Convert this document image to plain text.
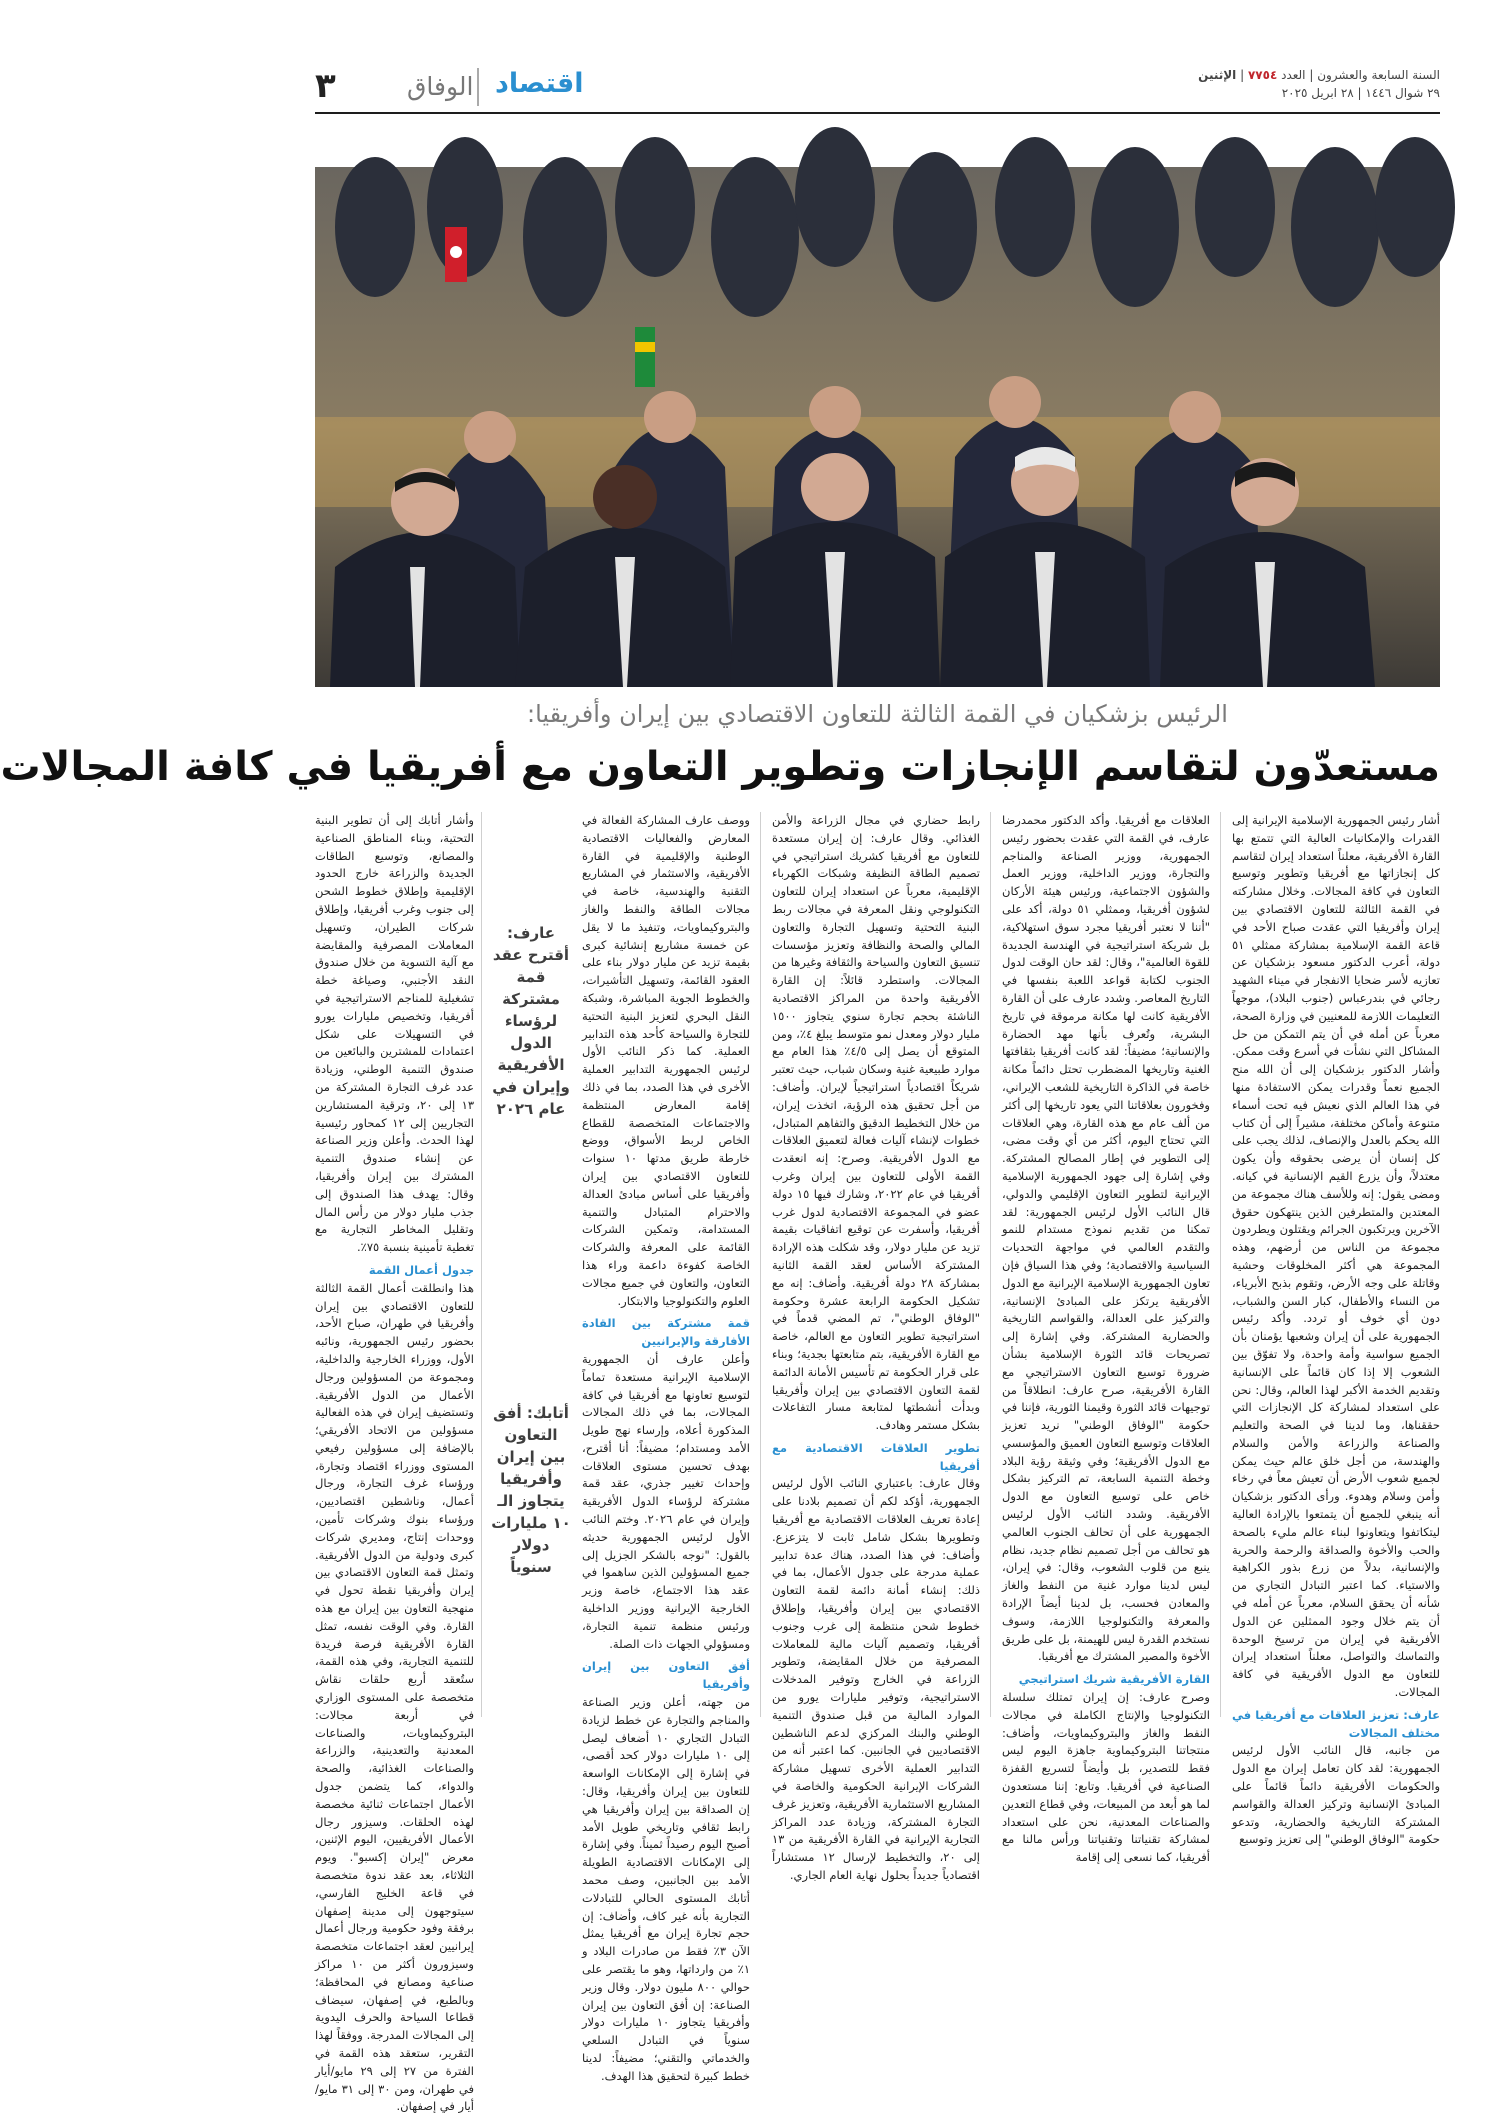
السنة السابعة والعشرون | العدد ٧٧٥٤ | الإثنين
٢٩ شوال ١٤٤٦ | ٢٨ ابريل ٢٠٢٥
اقتصاد
الوفاق
٣
الرئيس بزشكيان في القمة الثالثة للتعاون الاقتصادي بين إيران وأفريقيا:
مستعدّون لتقاسم الإنجازات وتطوير التعاون مع أفريقيا في كافة المجالات

أشار رئيس الجمهورية الإسلامية الإيرانية إلى القدرات والإمكانيات العالية التي تتمتع بها القارة الأفريقية، معلناً استعداد إيران لتقاسم كل إنجازاتها مع أفريقيا وتطوير وتوسيع التعاون في كافة المجالات. وخلال مشاركته في القمة الثالثة للتعاون الاقتصادي بين إيران وأفريقيا التي عقدت صباح الأحد في قاعة القمة الإسلامية بمشاركة ممثلي ٥١ دولة، أعرب الدكتور مسعود بزشكيان عن تعازيه لأسر ضحايا الانفجار في ميناء الشهيد رجائي في بندرعباس (جنوب البلاد)، موجهاً التعليمات اللازمة للمعنيين في وزارة الصحة، معرباً عن أمله في أن يتم التمكن من حل المشاكل التي نشأت في أسرع وقت ممكن. وأشار الدكتور بزشكيان إلى أن الله منح الجميع نعماً وقدرات يمكن الاستفادة منها في هذا العالم الذي نعيش فيه تحت أسماء متنوعة وأماكن مختلفة، مشيراً إلى أن كتاب الله يحكم بالعدل والإنصاف، لذلك يجب على كل إنسان أن يرضى بحقوقه وأن يكون معتدلاً، وأن يزرع القيم الإنسانية في كيانه. ومضى يقول: إنه وللأسف هناك مجموعة من المعتدين والمتطرفين الذين ينتهكون حقوق الآخرين ويرتكبون الجرائم ويقتلون ويطردون مجموعة من الناس من أرضهم، وهذه المجموعة هي أكثر المخلوقات وحشية وقاتلة على وجه الأرض، وتقوم بذبح الأبرياء، من النساء والأطفال، كبار السن والشباب، دون أي خوف أو تردد. وأكد رئيس الجمهورية على أن إيران وشعبها يؤمنان بأن الجميع سواسية وأمة واحدة، ولا تفوّق بين الشعوب إلا إذا كان قائماً على الإنسانية وتقديم الخدمة الأكبر لهذا العالم، وقال: نحن على استعداد لمشاركة كل الإنجازات التي حققناها، وما لدينا في الصحة والتعليم والصناعة والزراعة والأمن والسلام والهندسة، من أجل خلق عالم حيث يمكن لجميع شعوب الأرض أن تعيش معاً في رخاء وأمن وسلام وهدوء. ورأى الدكتور بزشكيان أنه ينبغي للجميع أن يتمتعوا بالإرادة العالية ليتكاتفوا ويتعاونوا لبناء عالم مليء بالصحة والحب والأخوة والصداقة والرحمة والحرية والإنسانية، بدلاً من زرع بذور الكراهية والاستياء. كما اعتبر التبادل التجاري من شأنه أن يحقق السلام، معرباً عن أمله في أن يتم خلال وجود الممثلين عن الدول الأفريقية في إيران من ترسيخ الوحدة والتماسك والتواصل، معلناً استعداد إيران للتعاون مع الدول الأفريقية في كافة المجالات.

عارف: تعزيز العلاقات مع أفريقيا في مختلف المجالات

من جانبه، قال النائب الأول لرئيس الجمهورية: لقد كان تعامل إيران مع الدول والحكومات الأفريقية دائماً قائماً على المبادئ الإنسانية وتركيز العدالة والقواسم المشتركة التاريخية والحضارية، وتدعو حكومة "الوفاق الوطني" إلى تعزيز وتوسيع

العلاقات مع أفريقيا. وأكد الدكتور محمدرضا عارف، في القمة التي عقدت بحضور رئيس الجمهورية، ووزير الصناعة والمناجم والتجارة، ووزير الداخلية، ووزير العمل والشؤون الاجتماعية، ورئيس هيئة الأركان لشؤون أفريقيا، وممثلي ٥١ دولة، أكد على "أننا لا نعتبر أفريقيا مجرد سوق استهلاكية، بل شريكة استراتيجية في الهندسة الجديدة للقوة العالمية"، وقال: لقد حان الوقت لدول الجنوب لكتابة قواعد اللعبة بنفسها في التاريخ المعاصر. وشدد عارف على أن القارة الأفريقية كانت لها مكانة مرموقة في تاريخ البشرية، وتُعرف بأنها مهد الحضارة والإنسانية؛ مضيفاً: لقد كانت أفريقيا بثقافتها الغنية وتاريخها المضطرب تحتل دائماً مكانة خاصة في الذاكرة التاريخية للشعب الإيراني، وفخورون بعلاقاتنا التي يعود تاريخها إلى أكثر من ألف عام مع هذه القارة، وهي العلاقات التي تحتاج اليوم، أكثر من أي وقت مضى، إلى التطوير في إطار المصالح المشتركة. وفي إشارة إلى جهود الجمهورية الإسلامية الإيرانية لتطوير التعاون الإقليمي والدولي، قال النائب الأول لرئيس الجمهورية: لقد تمكنا من تقديم نموذج مستدام للنمو والتقدم العالمي في مواجهة التحديات السياسية والاقتصادية؛ وفي هذا السياق فإن تعاون الجمهورية الإسلامية الإيرانية مع الدول الأفريقية يرتكز على المبادئ الإنسانية، والتركيز على العدالة، والقواسم التاريخية والحضارية المشتركة. وفي إشارة إلى تصريحات قائد الثورة الإسلامية بشأن ضرورة توسيع التعاون الاستراتيجي مع القارة الأفريقية، صرح عارف: انطلاقاً من توجيهات قائد الثورة وقيمنا الثورية، فإننا في حكومة "الوفاق الوطني" نريد تعزيز العلاقات وتوسيع التعاون العميق والمؤسسي مع الدول الأفريقية؛ وفي وثيقة رؤية البلاد وخطة التنمية السابعة، تم التركيز بشكل خاص على توسيع التعاون مع الدول الأفريقية. وشدد النائب الأول لرئيس الجمهورية على أن تحالف الجنوب العالمي هو تحالف من أجل تصميم نظام جديد، نظام ينبع من قلوب الشعوب، وقال: في إيران، ليس لدينا موارد غنية من النفط والغاز والمعادن فحسب، بل لدينا أيضاً الإرادة والمعرفة والتكنولوجيا اللازمة، وسوف نستخدم القدرة ليس للهيمنة، بل على طريق الأخوة والمصير المشترك مع أفريقيا.

القارة الأفريقية شريك استراتيجي

وصرح عارف: إن إيران تمتلك سلسلة التكنولوجيا والإنتاج الكاملة في مجالات النفط والغاز والبتروكيماويات، وأضاف: منتجاتنا البتروكيماوية جاهزة اليوم ليس فقط للتصدير، بل وأيضاً لتسريع القفزة الصناعية في أفريقيا. وتابع: إننا مستعدون لما هو أبعد من المبيعات، وفي قطاع التعدين والصناعات المعدنية، نحن على استعداد لمشاركة تقنياتنا وتقنياتنا ورأس مالنا مع أفريقيا، كما نسعى إلى إقامة

رابط حضاري في مجال الزراعة والأمن الغذائي. وقال عارف: إن إيران مستعدة للتعاون مع أفريقيا كشريك استراتيجي في تصميم الطاقة النظيفة وشبكات الكهرباء الإقليمية، معرباً عن استعداد إيران للتعاون التكنولوجي ونقل المعرفة في مجالات ربط البنية التحتية وتسهيل التجارة والتعاون المالي والصحة والنظافة وتعزيز مؤسسات تنسيق التعاون والسياحة والثقافة وغيرها من المجالات. واستطرد قائلاً: إن القارة الأفريقية واحدة من المراكز الاقتصادية الناشئة بحجم تجارة سنوي يتجاوز ١٥٠٠ مليار دولار ومعدل نمو متوسط يبلغ ٤٪، ومن المتوقع أن يصل إلى ٤/٥٪ هذا العام مع موارد طبيعية غنية وسكان شباب، حيث تعتبر شريكاً اقتصادياً استراتيجياً لإيران. وأضاف: من أجل تحقيق هذه الرؤية، اتخذت إيران، من خلال التخطيط الدقيق والتفاهم المتبادل، خطوات لإنشاء آليات فعالة لتعميق العلاقات مع الدول الأفريقية. وصرح: إنه انعقدت القمة الأولى للتعاون بين إيران وغرب أفريقيا في عام ٢٠٢٢، وشارك فيها ١٥ دولة عضو في المجموعة الاقتصادية لدول غرب أفريقيا، وأسفرت عن توقيع اتفاقيات بقيمة تزيد عن مليار دولار، وقد شكلت هذه الإرادة المشتركة الأساس لعقد القمة الثانية بمشاركة ٢٨ دولة أفريقية. وأضاف: إنه مع تشكيل الحكومة الرابعة عشرة وحكومة "الوفاق الوطني"، تم المضي قدماً في استراتيجية تطوير التعاون مع العالم، خاصة مع القارة الأفريقية، بتم متابعتها بجدية؛ وبناء على قرار الحكومة تم تأسيس الأمانة الدائمة لقمة التعاون الاقتصادي بين إيران وأفريقيا وبدأت أنشطتها لمتابعة مسار التفاعلات بشكل مستمر وهادف.

تطوير العلاقات الاقتصادية مع أفريقيا

وقال عارف: باعتباري النائب الأول لرئيس الجمهورية، أؤكد لكم أن تصميم بلادنا على إعادة تعريف العلاقات الاقتصادية مع أفريقيا وتطويرها بشكل شامل ثابت لا يتزعزع. وأضاف: في هذا الصدد، هناك عدة تدابير عملية مدرجة على جدول الأعمال، بما في ذلك: إنشاء أمانة دائمة لقمة التعاون الاقتصادي بين إيران وأفريقيا، وإطلاق خطوط شحن منتظمة إلى غرب وجنوب أفريقيا، وتصميم آليات مالية للمعاملات المصرفية من خلال المقايضة، وتطوير الزراعة في الخارج وتوفير المدخلات الاستراتيجية، وتوفير مليارات يورو من الموارد المالية من قبل صندوق التنمية الوطني والبنك المركزي لدعم الناشطين الاقتصاديين في الجانبين. كما اعتبر أنه من التدابير العملية الأخرى تسهيل مشاركة الشركات الإيرانية الحكومية والخاصة في المشاريع الاستثمارية الأفريقية، وتعزيز غرف التجارة المشتركة، وزيادة عدد المراكز التجارية الإيرانية في القارة الأفريقية من ١٣ إلى ٢٠، والتخطيط لإرسال ١٢ مستشاراً اقتصادياً جديداً بحلول نهاية العام الجاري.

ووصف عارف المشاركة الفعالة في المعارض والفعاليات الاقتصادية الوطنية والإقليمية في القارة الأفريقية، والاستثمار في المشاريع التقنية والهندسية، خاصة في مجالات الطاقة والنفط والغاز والبتروكيماويات، وتنفيذ ما لا يقل عن خمسة مشاريع إنشائية كبرى بقيمة تزيد عن مليار دولار بناء على العقود القائمة، وتسهيل التأشيرات، والخطوط الجوية المباشرة، وشبكة النقل البحري لتعزيز البنية التحتية للتجارة والسياحة كأحد هذه التدابير العملية. كما ذكر النائب الأول لرئيس الجمهورية التدابير العملية الأخرى في هذا الصدد، بما في ذلك إقامة المعارض المنتظمة والاجتماعات المتخصصة للقطاع الخاص لربط الأسواق، ووضع خارطة طريق مدتها ١٠ سنوات للتعاون الاقتصادي بين إيران وأفريقيا على أساس مبادئ العدالة والاحترام المتبادل والتنمية المستدامة، وتمكين الشركات القائمة على المعرفة والشركات الخاصة كفوءة داعمة وراء هذا التعاون، والتعاون في جميع مجالات العلوم والتكنولوجيا والابتكار.

قمة مشتركة بين القادة الأفارقة والإيرانيين

وأعلن عارف أن الجمهورية الإسلامية الإيرانية مستعدة تماماً لتوسيع تعاونها مع أفريقيا في كافة المجالات، بما في ذلك المجالات المذكورة أعلاه، وإرساء نهج طويل الأمد ومستدام؛ مضيفاً: أنا أقترح، بهدف تحسين مستوى العلاقات وإحداث تغيير جذري، عقد قمة مشتركة لرؤساء الدول الأفريقية وإيران في عام ٢٠٢٦. وختم النائب الأول لرئيس الجمهورية حديثه بالقول: "نوجه بالشكر الجزيل إلى جميع المسؤولين الذين ساهموا في عقد هذا الاجتماع، خاصة وزير الخارجية الإيرانية ووزير الداخلية ورئيس منظمة تنمية التجارة، ومسؤولي الجهات ذات الصلة.

أفق التعاون بين إيران وأفريقيا

من جهته، أعلن وزير الصناعة والمناجم والتجارة عن خطط لزيادة التبادل التجاري ١٠ أضعاف ليصل إلى ١٠ مليارات دولار كحد أقصى، في إشارة إلى الإمكانات الواسعة للتعاون بين إيران وأفريقيا، وقال: إن الصداقة بين إيران وأفريقيا هي رابط ثقافي وتاريخي طويل الأمد أصبح اليوم رصيداً ثميناً. وفي إشارة إلى الإمكانات الاقتصادية الطويلة الأمد بين الجانبين، وصف محمد أتابك المستوى الحالي للتبادلات التجارية بأنه غير كاف، وأضاف: إن حجم تجارة إيران مع أفريقيا يمثل الآن ٣٪ فقط من صادرات البلاد و ١٪ من وارداتها، وهو ما يقتصر على حوالي ٨٠٠ مليون دولار. وقال وزير الصناعة: إن أفق التعاون بين إيران وأفريقيا يتجاوز ١٠ مليارات دولار سنوياً في التبادل السلعي والخدماتي والتقني؛ مضيفاً: لدينا خطط كبيرة لتحقيق هذا الهدف.

عارف: أقترح عقد قمة مشتركة لرؤساء الدول الأفريقية وإيران في عام ٢٠٢٦
أتابك: أفق التعاون بين إيران وأفريقيا يتجاوز الـ ١٠ مليارات دولار سنوياً

وأشار أتابك إلى أن تطوير البنية التحتية، وبناء المناطق الصناعية والمصانع، وتوسيع الطاقات الجديدة والزراعة خارج الحدود الإقليمية وإطلاق خطوط الشحن إلى جنوب وغرب أفريقيا، وإطلاق شركات الطيران، وتسهيل المعاملات المصرفية والمقايضة مع آلية التسوية من خلال صندوق النقد الأجنبي، وصياغة خطة تشغيلية للمناجم الاستراتيجية في أفريقيا، وتخصيص مليارات يورو في التسهيلات على شكل اعتمادات للمشترين والبائعين من صندوق التنمية الوطني، وزيادة عدد غرف التجارة المشتركة من ١٣ إلى ٢٠، وترقية المستشارين التجاريين إلى ١٢ كمحاور رئيسية لهذا الحدث. وأعلن وزير الصناعة عن إنشاء صندوق التنمية المشترك بين إيران وأفريقيا، وقال: يهدف هذا الصندوق إلى جذب مليار دولار من رأس المال وتقليل المخاطر التجارية مع تغطية تأمينية بنسبة ٧٥٪.

جدول أعمال القمة

هذا وانطلقت أعمال القمة الثالثة للتعاون الاقتصادي بين إيران وأفريقيا في طهران، صباح الأحد، بحضور رئيس الجمهورية، ونائبه الأول، ووزراء الخارجية والداخلية، ومجموعة من المسؤولين ورجال الأعمال من الدول الأفريقية. وتستضيف إيران في هذه الفعالية مسؤولين من الاتحاد الأفريقي؛ بالإضافة إلى مسؤولين رفيعي المستوى ووزراء اقتصاد وتجارة، ورؤساء غرف التجارة، ورجال أعمال، وناشطين اقتصاديين، ورؤساء بنوك وشركات تأمين، ووحدات إنتاج، ومديري شركات كبرى ودولية من الدول الأفريقية. وتمثل قمة التعاون الاقتصادي بين إيران وأفريقيا نقطة تحول في منهجية التعاون بين إيران مع هذه القارة. وفي الوقت نفسه، تمثل القارة الأفريقية فرصة فريدة للتنمية التجارية، وفي هذه القمة، ستُعقد أربع حلقات نقاش متخصصة على المستوى الوزاري في أربعة مجالات: البتروكيماويات، والصناعات المعدنية والتعدينية، والزراعة والصناعات الغذائية، والصحة والدواء، كما يتضمن جدول الأعمال اجتماعات ثنائية مخصصة لهذه الحلقات. وسيزور رجال الأعمال الأفريقيين، اليوم الإثنين، معرض "إيران إكسبو". ويوم الثلاثاء، بعد عقد ندوة متخصصة في قاعة الخليج الفارسي، سيتوجهون إلى مدينة إصفهان برفقة وفود حكومية ورجال أعمال إيرانيين لعقد اجتماعات متخصصة وسيزورون أكثر من ١٠ مراكز صناعية ومصانع في المحافظة؛ وبالطبع، في إصفهان، سيضاف قطاعا السياحة والحرف اليدوية إلى المجالات المدرجة. ووفقاً لهذا التقرير، ستعقد هذه القمة في الفترة من ٢٧ إلى ٢٩ مايو/أيار في طهران، ومن ٣٠ إلى ٣١ مايو/أيار في إصفهان.
